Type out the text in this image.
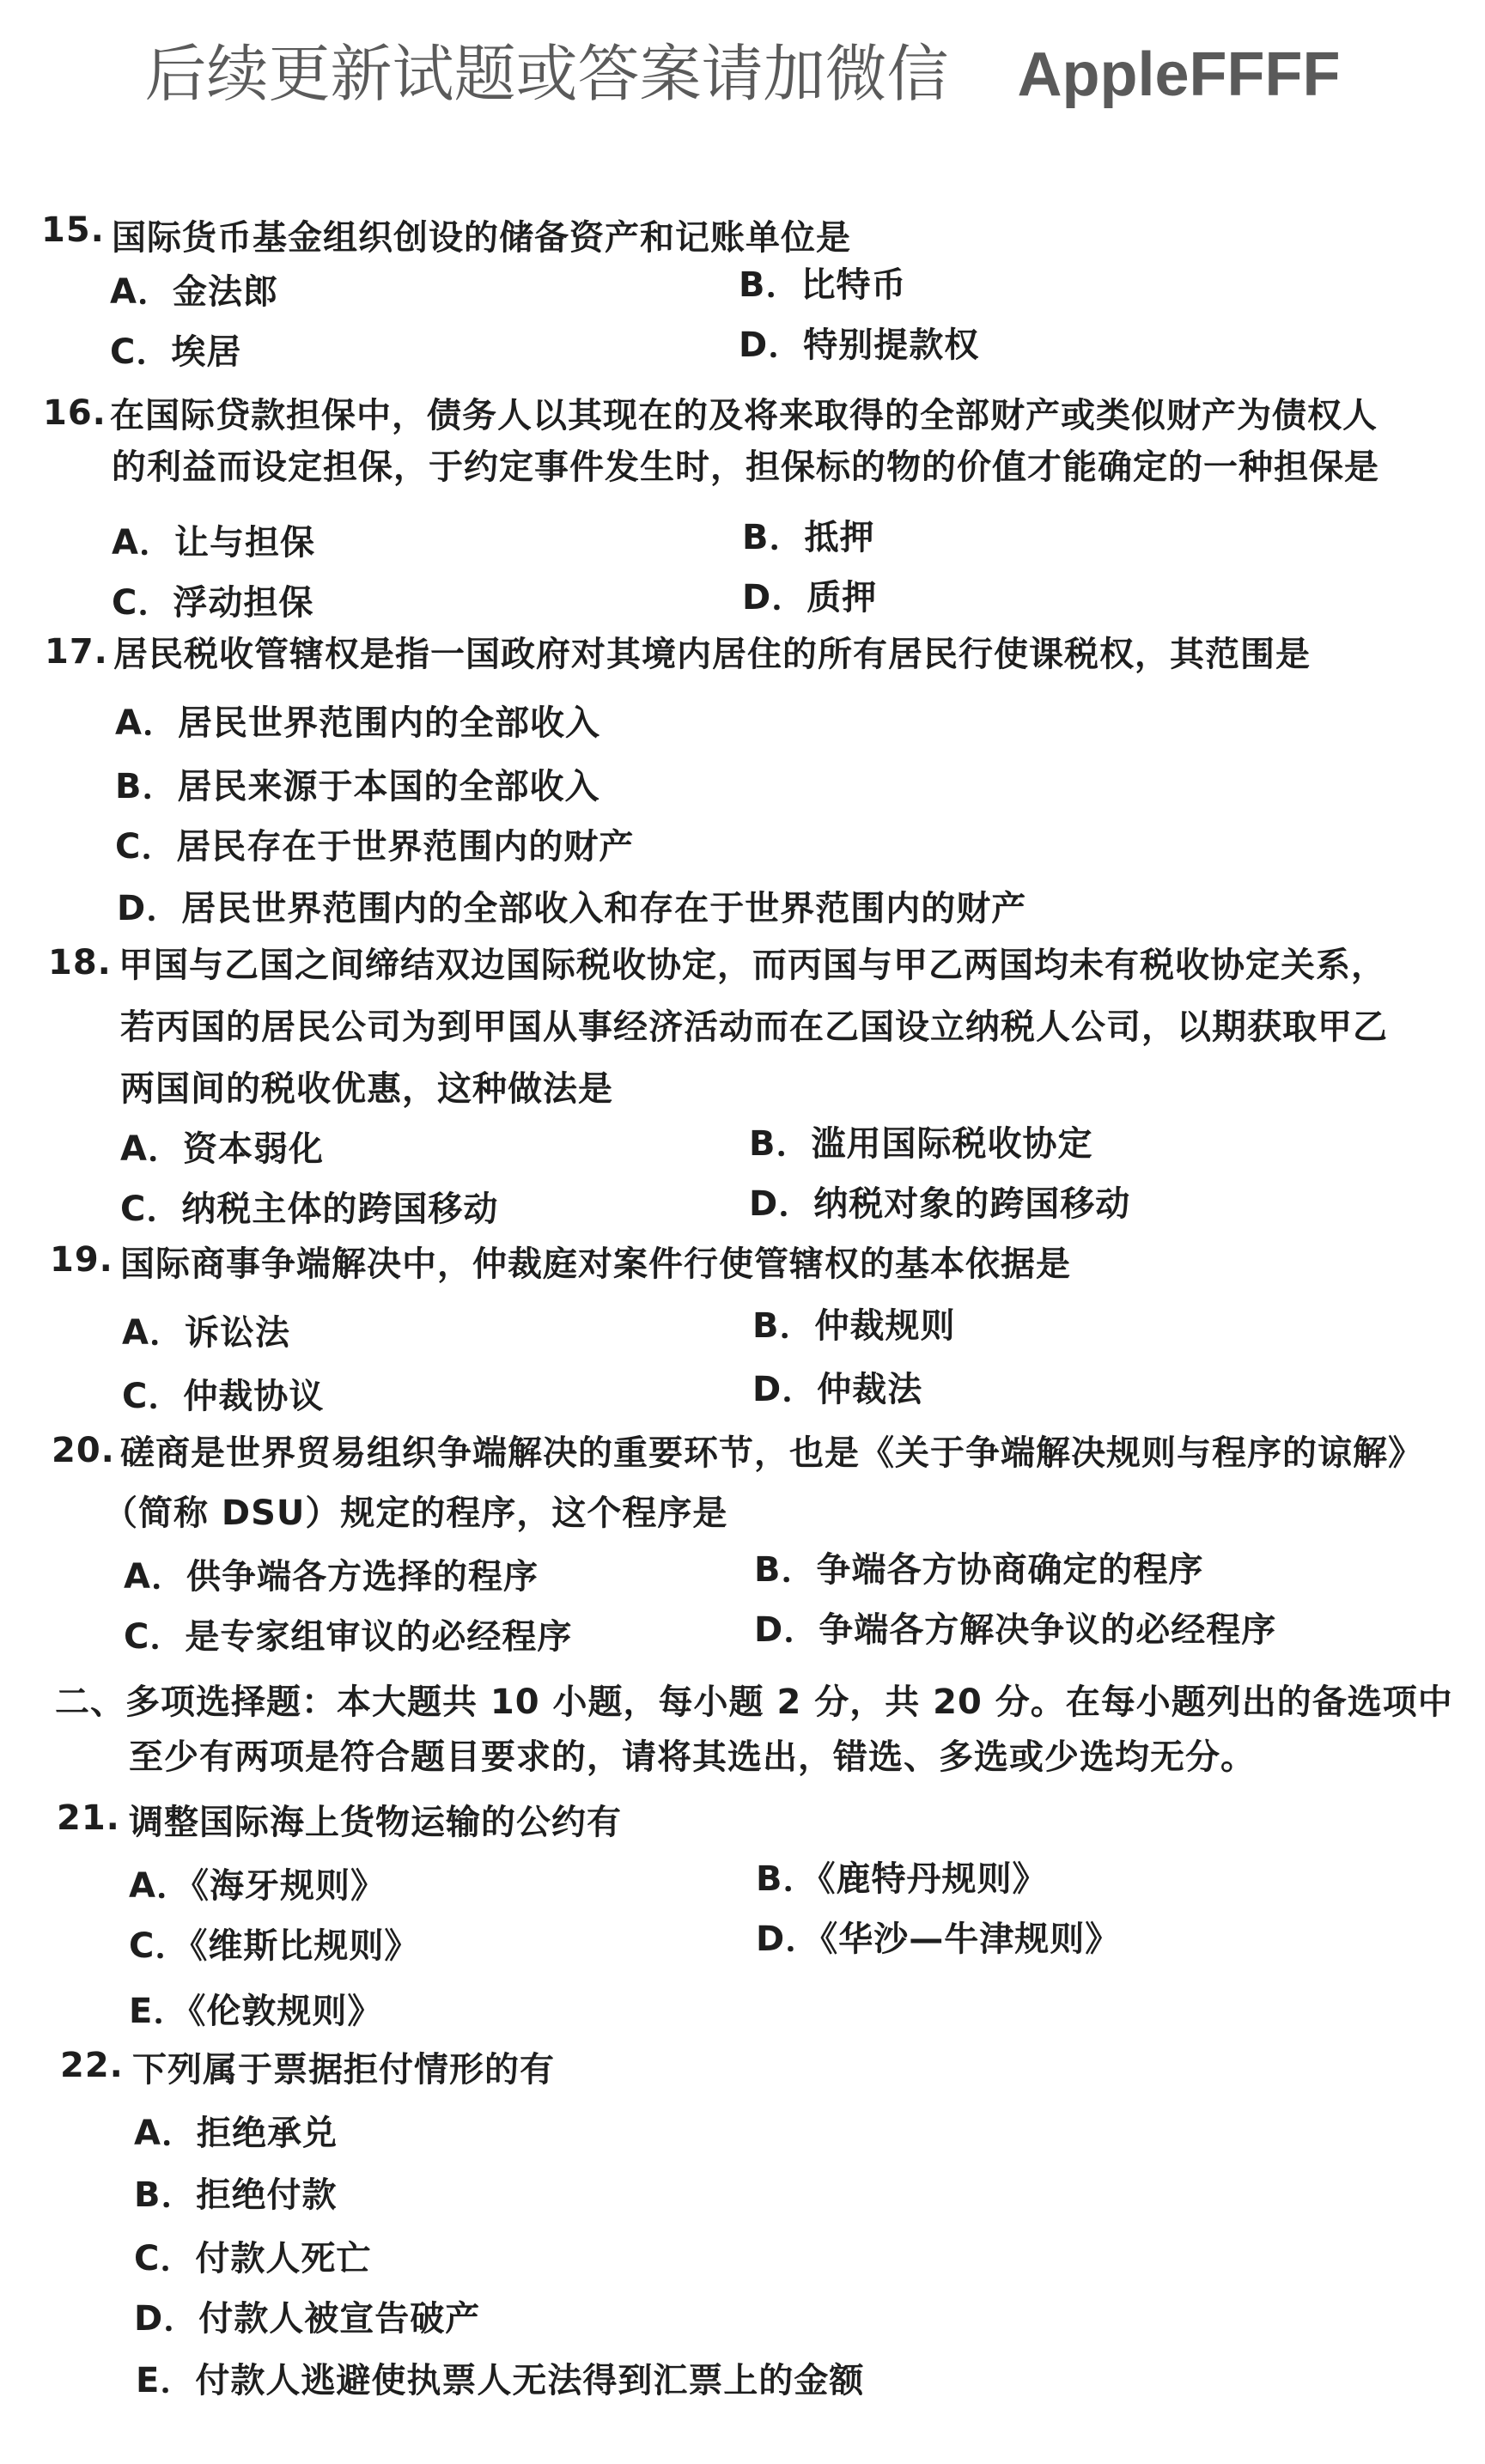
后续更新试题或答案请加微信 AppleFFFF
15. 国际货币基金组织创设的储备资产和记账单位是
A．金法郎	B．比特币
C．埃居	D．特别提款权
16. 在国际贷款担保中，债务人以其现在的及将来取得的全部财产或类似财产为债权人
的利益而设定担保，于约定事件发生时，担保标的物的价值才能确定的一种担保是
A．让与担保	B．抵押
C．浮动担保	D．质押
17. 居民税收管辖权是指一国政府对其境内居住的所有居民行使课税权，其范围是
A．居民世界范围内的全部收入
B．居民来源于本国的全部收入
C．居民存在于世界范围内的财产
D．居民世界范围内的全部收入和存在于世界范围内的财产
18. 甲国与乙国之间缔结双边国际税收协定，而丙国与甲乙两国均未有税收协定关系，
若丙国的居民公司为到甲国从事经济活动而在乙国设立纳税人公司，以期获取甲乙
两国间的税收优惠，这种做法是
A．资本弱化	B．滥用国际税收协定
C．纳税主体的跨国移动	D．纳税对象的跨国移动
19. 国际商事争端解决中，仲裁庭对案件行使管辖权的基本依据是
A．诉讼法	B．仲裁规则
C．仲裁协议	D．仲裁法
20. 磋商是世界贸易组织争端解决的重要环节，也是《关于争端解决规则与程序的谅解》
（简称 DSU）规定的程序，这个程序是
A．供争端各方选择的程序	B．争端各方协商确定的程序
C．是专家组审议的必经程序	D．争端各方解决争议的必经程序
二、多项选择题：本大题共 10 小题，每小题 2 分，共 20 分。在每小题列出的备选项中
至少有两项是符合题目要求的，请将其选出，错选、多选或少选均无分。
21. 调整国际海上货物运输的公约有
A．《海牙规则》	B．《鹿特丹规则》
C．《维斯比规则》	D．《华沙—牛津规则》
E．《伦敦规则》
22. 下列属于票据拒付情形的有
A．拒绝承兑
B．拒绝付款
C．付款人死亡
D．付款人被宣告破产
E．付款人逃避使执票人无法得到汇票上的金额
